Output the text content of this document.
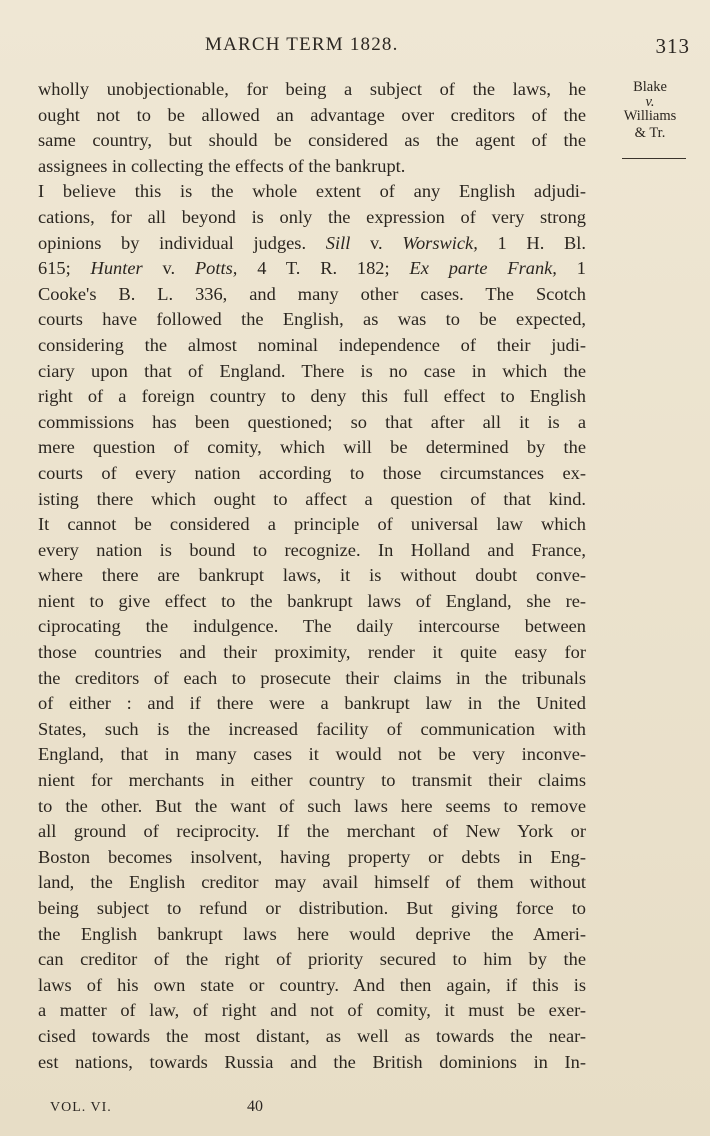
MARCH TERM 1828.	313
Blake

v.
Williams
& Tr.
wholly unobjectionable, for being a subject of the laws, he
ought not to be allowed an advantage over creditors of the
same country, but should be considered as the agent of the
assignees in collecting the effects of the bankrupt.
I believe this is the whole extent of any English adjudi-
cations, for all beyond is only the expression of very strong
opinions by individual judges. Sill v. Worswick, 1 H. Bl.
615; Hunter v. Potts, 4 T. R. 182; Ex parte Frank, 1
Cooke's B. L. 336, and many other cases. The Scotch
courts have followed the English, as was to be expected,
considering the almost nominal independence of their judi-
ciary upon that of England. There is no case in which the
right of a foreign country to deny this full effect to English
commissions has been questioned; so that after all it is a
mere question of comity, which will be determined by the
courts of every nation according to those circumstances ex-
isting there which ought to affect a question of that kind.
It cannot be considered a principle of universal law which
every nation is bound to recognize. In Holland and France,
where there are bankrupt laws, it is without doubt conve-
nient to give effect to the bankrupt laws of England, she re-
ciprocating the indulgence. The daily intercourse between
those countries and their proximity, render it quite easy for
the creditors of each to prosecute their claims in the tribunals
of either : and if there were a bankrupt law in the United
States, such is the increased facility of communication with
England, that in many cases it would not be very inconve-
nient for merchants in either country to transmit their claims
to the other. But the want of such laws here seems to remove
all ground of reciprocity. If the merchant of New York or
Boston becomes insolvent, having property or debts in Eng-
land, the English creditor may avail himself of them without
being subject to refund or distribution. But giving force to
the English bankrupt laws here would deprive the Ameri-
can creditor of the right of priority secured to him by the
laws of his own state or country. And then again, if this is
a matter of law, of right and not of comity, it must be exer-
cised towards the most distant, as well as towards the near-
est nations, towards Russia and the British dominions in In-
VOL. VI.	40
